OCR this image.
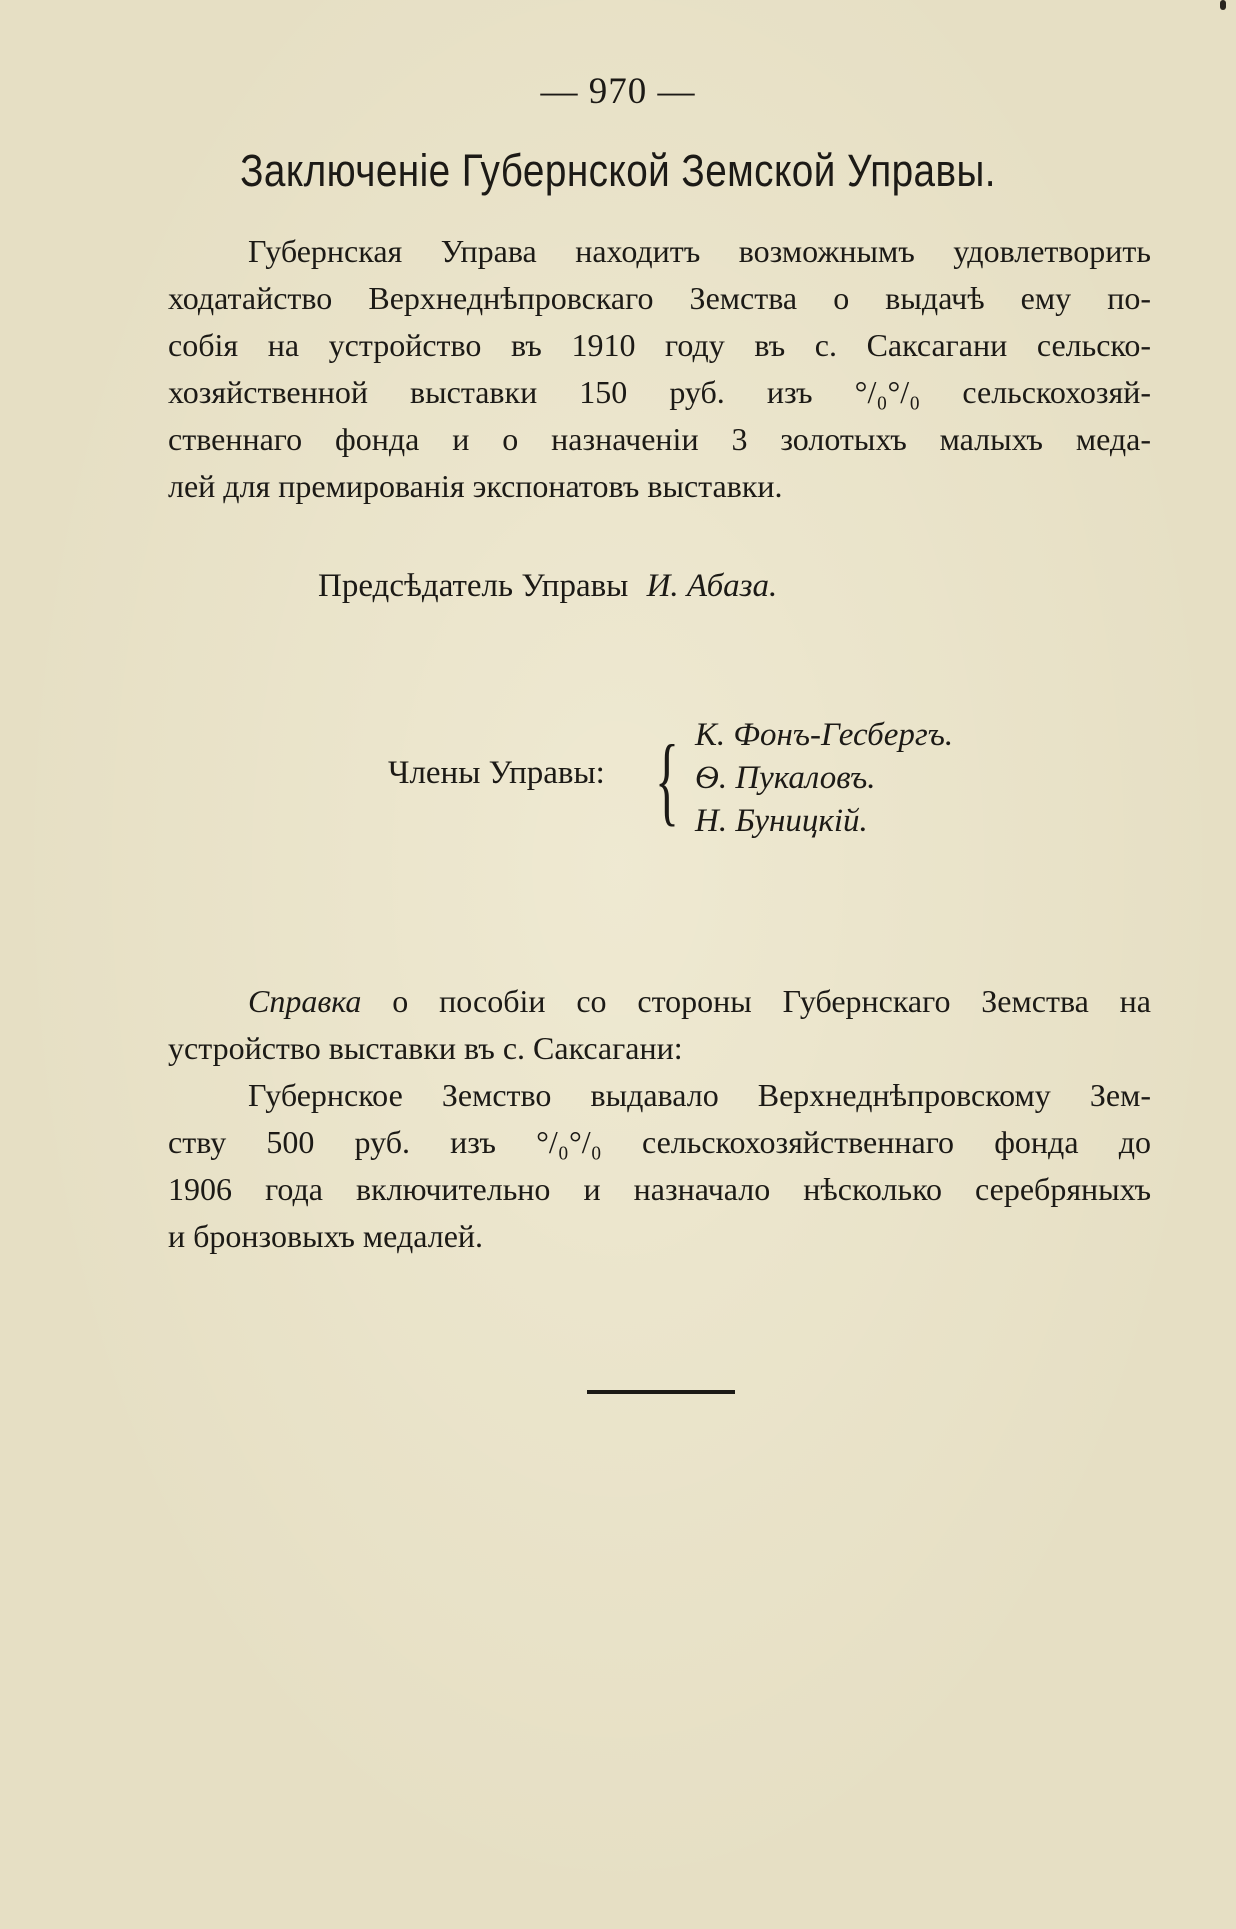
— 970 —
Заключеніе Губернской Земской Управы.
Губернская Управа находитъ возможнымъ удовлетворить
ходатайство Верхнеднѣпровскаго Земства о выдачѣ ему по-
собія на устройство въ 1910 году въ с. Саксагани сельско-
хозяйственной выставки 150 руб. изъ °/₀°/₀ сельскохозяй-
ственнаго фонда и о назначеніи 3 золотыхъ малыхъ меда-
лей для премированія экспонатовъ выставки.
Предсѣдатель Управы И. Абаза.
Члены Управы: { К. Фонъ-Гесбергъ.
Ѳ. Пукаловъ.
Н. Буницкій.
Справка о пособіи со стороны Губернскаго Земства на
устройство выставки въ с. Саксагани:
Губернское Земство выдавало Верхнеднѣпровскому Зем-
ству 500 руб. изъ °/₀°/₀ сельскохозяйственнаго фонда до
1906 года включительно и назначало нѣсколько серебряныхъ
и бронзовыхъ медалей.
